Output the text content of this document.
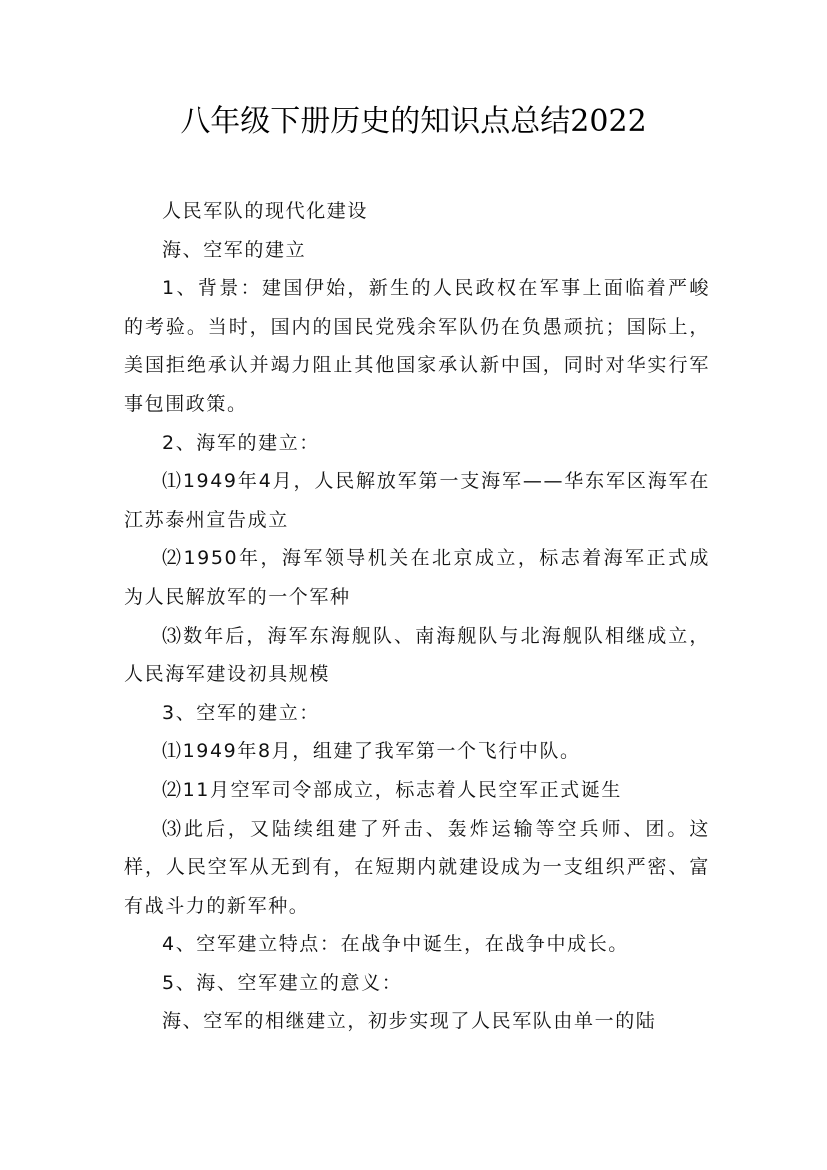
八年级下册历史的知识点总结2022

人民军队的现代化建设

海、空军的建立

1、背景：建国伊始，新生的人民政权在军事上面临着严峻的考验。当时，国内的国民党残余军队仍在负愚顽抗；国际上，美国拒绝承认并竭力阻止其他国家承认新中国，同时对华实行军事包围政策。

2、海军的建立：

⑴1949年4月，人民解放军第一支海军——华东军区海军在江苏泰州宣告成立

⑵1950年，海军领导机关在北京成立，标志着海军正式成为人民解放军的一个军种

⑶数年后，海军东海舰队、南海舰队与北海舰队相继成立，人民海军建设初具规模

3、空军的建立：

⑴1949年8月，组建了我军第一个飞行中队。

⑵11月空军司令部成立，标志着人民空军正式诞生

⑶此后，又陆续组建了歼击、轰炸运输等空兵师、团。这样，人民空军从无到有，在短期内就建设成为一支组织严密、富有战斗力的新军种。

4、空军建立特点：在战争中诞生，在战争中成长。

5、海、空军建立的意义：

海、空军的相继建立，初步实现了人民军队由单一的陆
